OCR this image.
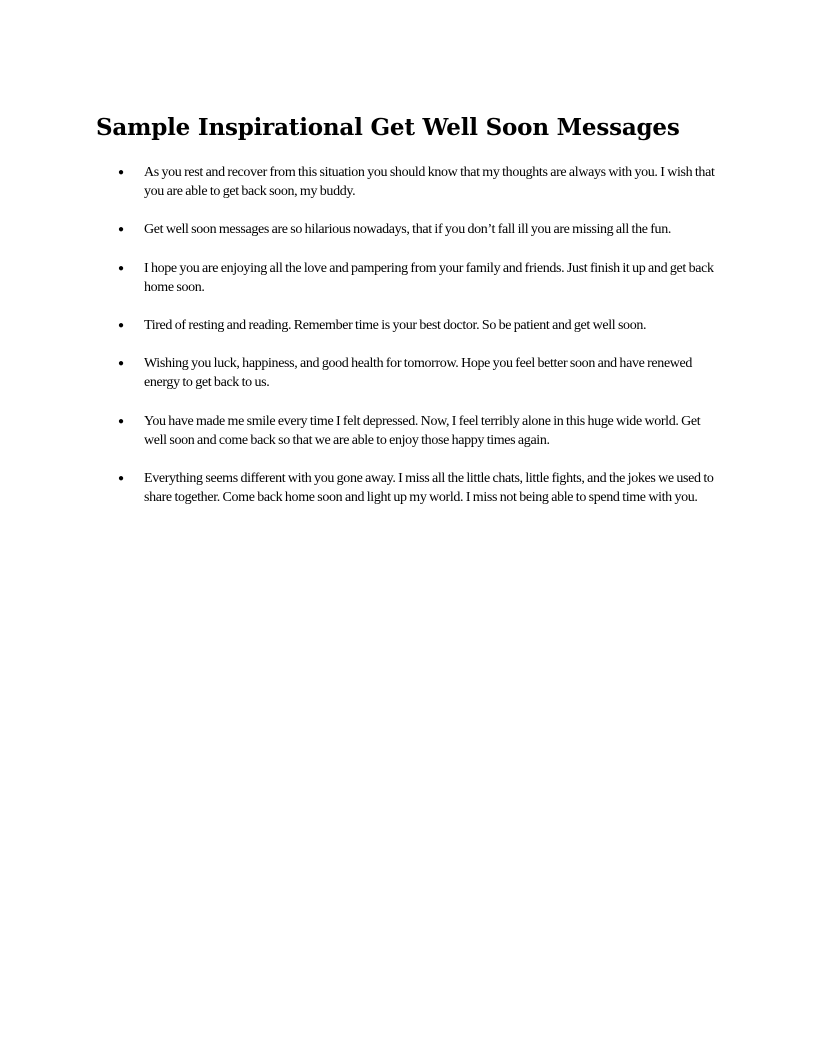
Sample Inspirational Get Well Soon Messages
● As you rest and recover from this situation you should know that my thoughts are always with you. I wish that you are able to get back soon, my buddy.
● Get well soon messages are so hilarious nowadays, that if you don’t fall ill you are missing all the fun.
● I hope you are enjoying all the love and pampering from your family and friends. Just finish it up and get back home soon.
● Tired of resting and reading. Remember time is your best doctor. So be patient and get well soon.
● Wishing you luck, happiness, and good health for tomorrow. Hope you feel better soon and have renewed energy to get back to us.
● You have made me smile every time I felt depressed. Now, I feel terribly alone in this huge wide world. Get well soon and come back so that we are able to enjoy those happy times again.
● Everything seems different with you gone away. I miss all the little chats, little fights, and the jokes we used to share together. Come back home soon and light up my world. I miss not being able to spend time with you.
